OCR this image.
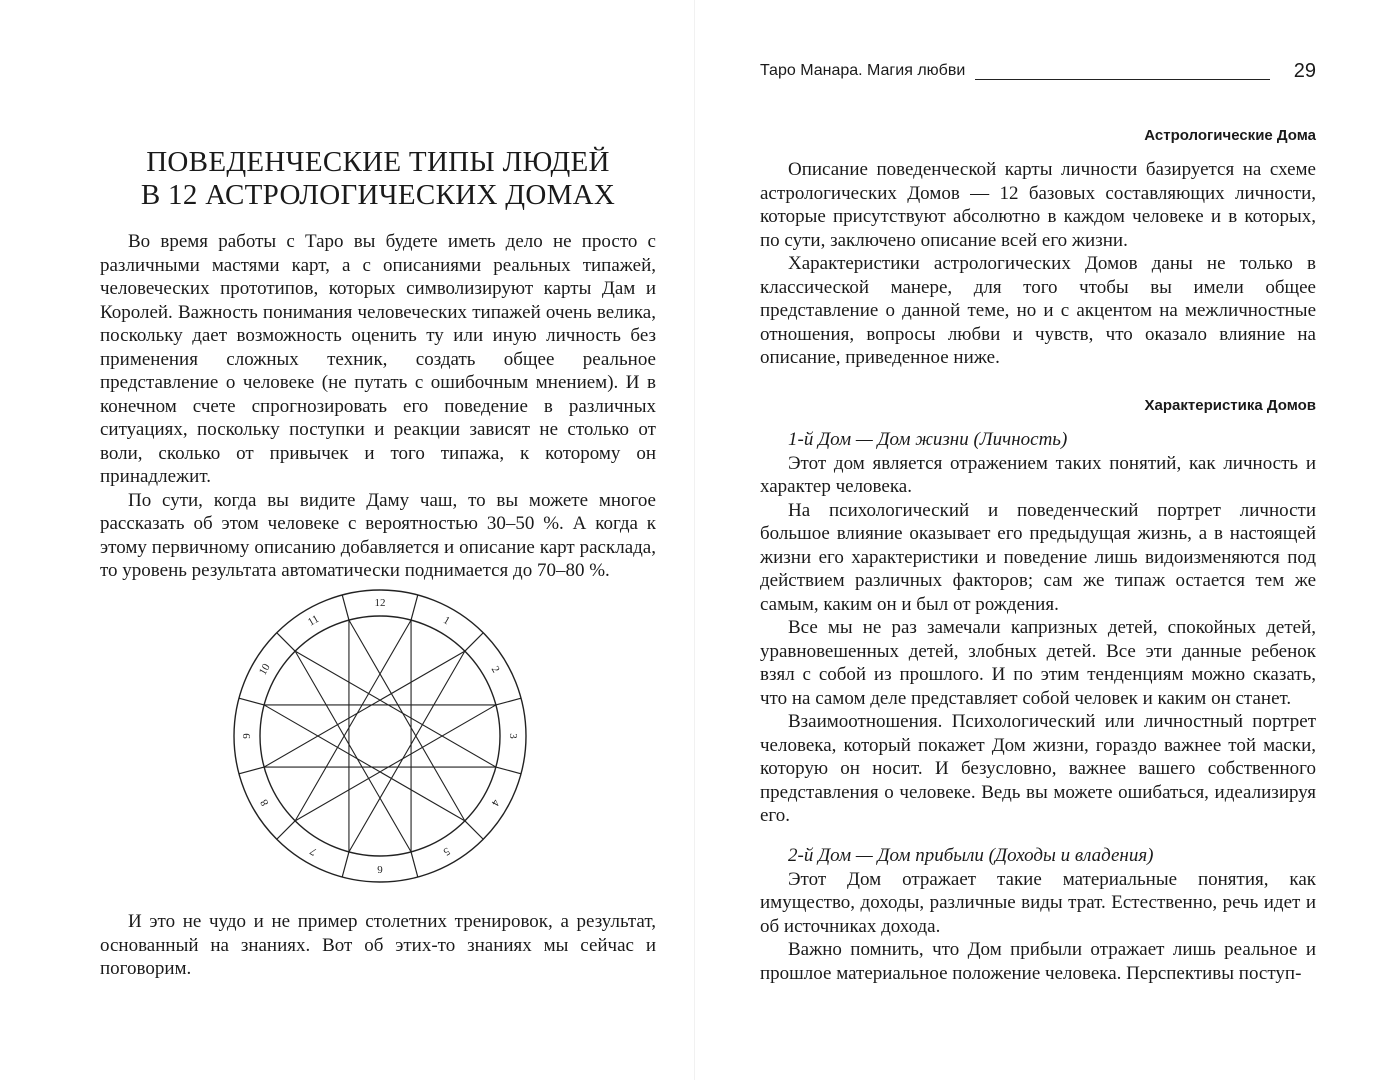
ПОВЕДЕНЧЕСКИЕ ТИПЫ ЛЮДЕЙ
В 12 АСТРОЛОГИЧЕСКИХ ДОМАХ

Во время работы с Таро вы будете иметь дело не просто с различными мастями карт, а с описаниями реальных типажей, человеческих прототипов, которых символизируют карты Дам и Королей. Важность понимания человеческих типажей очень велика, поскольку дает возможность оценить ту или иную личность без применения сложных техник, создать общее реальное представление о человеке (не путать с ошибочным мнением). И в конечном счете спрогнозировать его поведение в различных ситуациях, поскольку поступки и реакции зависят не столько от воли, сколько от привычек и того типажа, к которому он принадлежит.

По сути, когда вы видите Даму чаш, то вы можете многое рассказать об этом человеке с вероятностью 30–50 %. А когда к этому первичному описанию добавляется и описание карт расклада, то уровень результата автоматически поднимается до 70–80 %.

12
1
2
3
4
5
6
7
8
9
10
11

И это не чудо и не пример столетних тренировок, а результат, основанный на знаниях. Вот об этих-то знаниях мы сейчас и поговорим.

Таро Манара. Магия любви	29
Астрологические Дома

Описание поведенческой карты личности базируется на схеме астрологических Домов — 12 базовых составляющих личности, которые присутствуют абсолютно в каждом человеке и в которых, по сути, заключено описание всей его жизни.

Характеристики астрологических Домов даны не только в классической манере, для того чтобы вы имели общее представление о данной теме, но и с акцентом на межличностные отношения, вопросы любви и чувств, что оказало влияние на описание, приведенное ниже.

Характеристика Домов

1-й Дом — Дом жизни (Личность)

Этот дом является отражением таких понятий, как личность и характер человека.

На психологический и поведенческий портрет личности большое влияние оказывает его предыдущая жизнь, а в настоящей жизни его характеристики и поведение лишь видоизменяются под действием различных факторов; сам же типаж остается тем же самым, каким он и был от рождения.

Все мы не раз замечали капризных детей, спокойных детей, уравновешенных детей, злобных детей. Все эти данные ребенок взял с собой из прошлого. И по этим тенденциям можно сказать, что на самом деле представляет собой человек и каким он станет.

Взаимоотношения. Психологический или личностный портрет человека, который покажет Дом жизни, гораздо важнее той маски, которую он носит. И безусловно, важнее вашего собственного представления о человеке. Ведь вы можете ошибаться, идеализируя его.

2-й Дом — Дом прибыли (Доходы и владения)

Этот Дом отражает такие материальные понятия, как имущество, доходы, различные виды трат. Естественно, речь идет и об источниках дохода.

Важно помнить, что Дом прибыли отражает лишь реальное и прошлое материальное положение человека. Перспективы поступ-
